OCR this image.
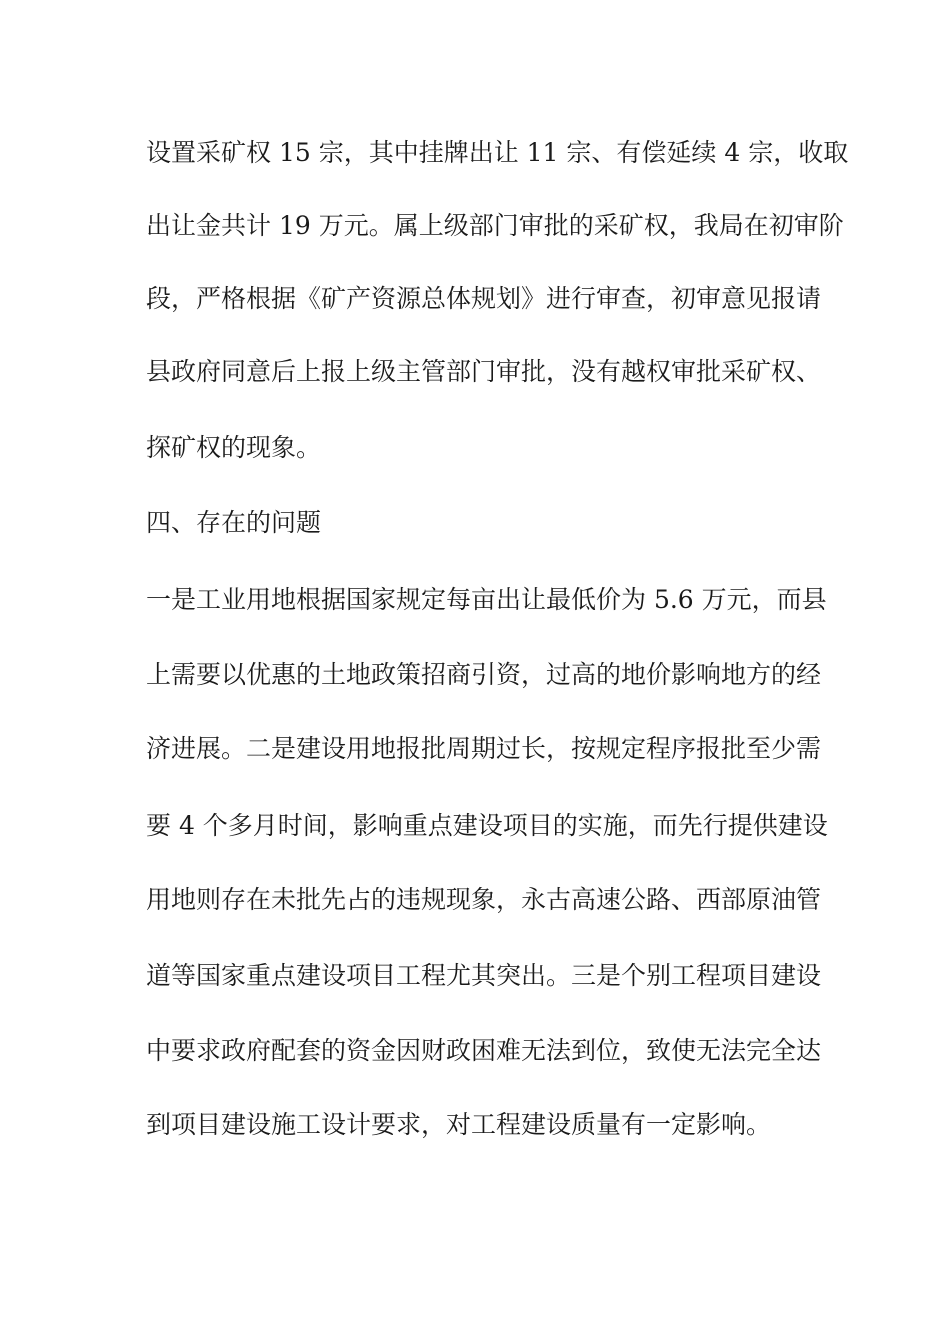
设置采矿权 15 宗，其中挂牌出让 11 宗、有偿延续 4 宗，收取
出让金共计 19 万元。属上级部门审批的采矿权，我局在初审阶
段，严格根据《矿产资源总体规划》进行审查，初审意见报请
县政府同意后上报上级主管部门审批，没有越权审批采矿权、
探矿权的现象。
四、存在的问题
一是工业用地根据国家规定每亩出让最低价为 5.6 万元，而县
上需要以优惠的土地政策招商引资，过高的地价影响地方的经
济进展。二是建设用地报批周期过长，按规定程序报批至少需
要 4 个多月时间，影响重点建设项目的实施，而先行提供建设
用地则存在未批先占的违规现象，永古高速公路、西部原油管
道等国家重点建设项目工程尤其突出。三是个别工程项目建设
中要求政府配套的资金因财政困难无法到位，致使无法完全达
到项目建设施工设计要求，对工程建设质量有一定影响。
